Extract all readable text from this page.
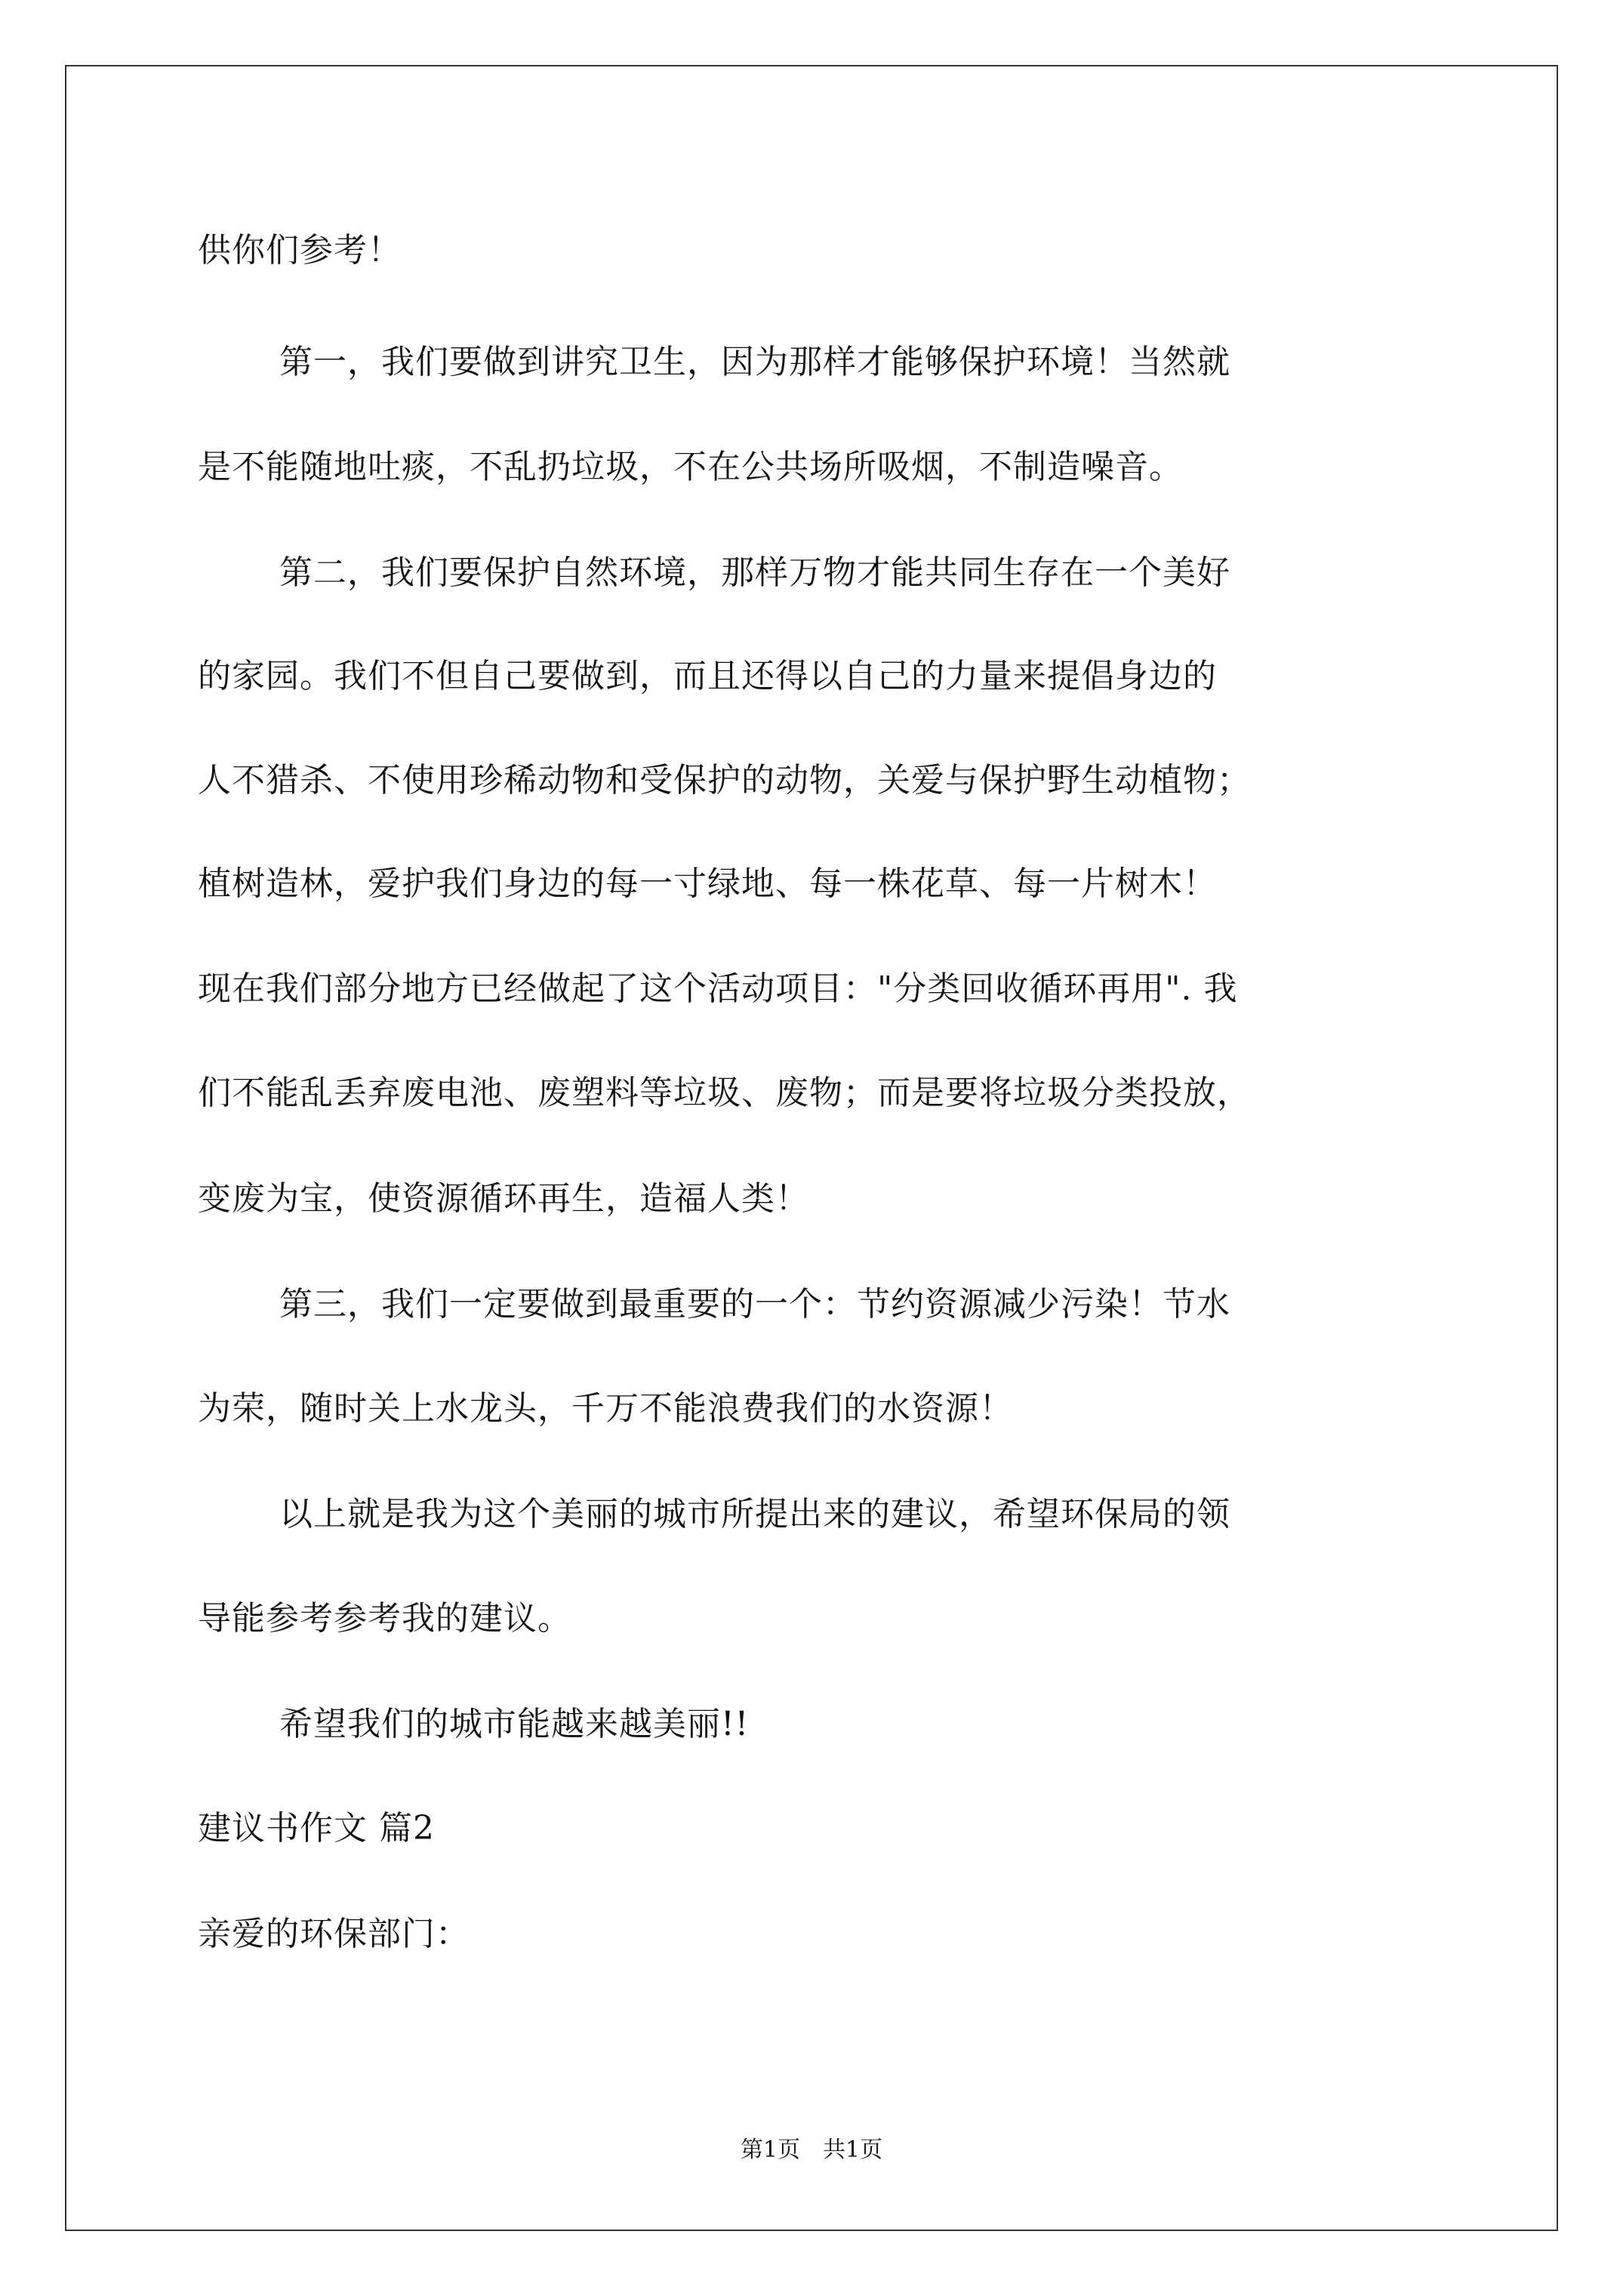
供你们参考！
第一，我们要做到讲究卫生，因为那样才能够保护环境！当然就
是不能随地吐痰，不乱扔垃圾，不在公共场所吸烟，不制造噪音。
第二，我们要保护自然环境，那样万物才能共同生存在一个美好
的家园。我们不但自己要做到，而且还得以自己的力量来提倡身边的
人不猎杀、不使用珍稀动物和受保护的动物，关爱与保护野生动植物；
植树造林，爱护我们身边的每一寸绿地、每一株花草、每一片树木！
现在我们部分地方已经做起了这个活动项目："分类回收循环再用". 我
们不能乱丢弃废电池、废塑料等垃圾、废物；而是要将垃圾分类投放，
变废为宝，使资源循环再生，造福人类！
第三，我们一定要做到最重要的一个：节约资源减少污染！节水
为荣，随时关上水龙头，千万不能浪费我们的水资源！
以上就是我为这个美丽的城市所提出来的建议，希望环保局的领
导能参考参考我的建议。
希望我们的城市能越来越美丽!!
建议书作文 篇2
亲爱的环保部门：
第1页　共1页
